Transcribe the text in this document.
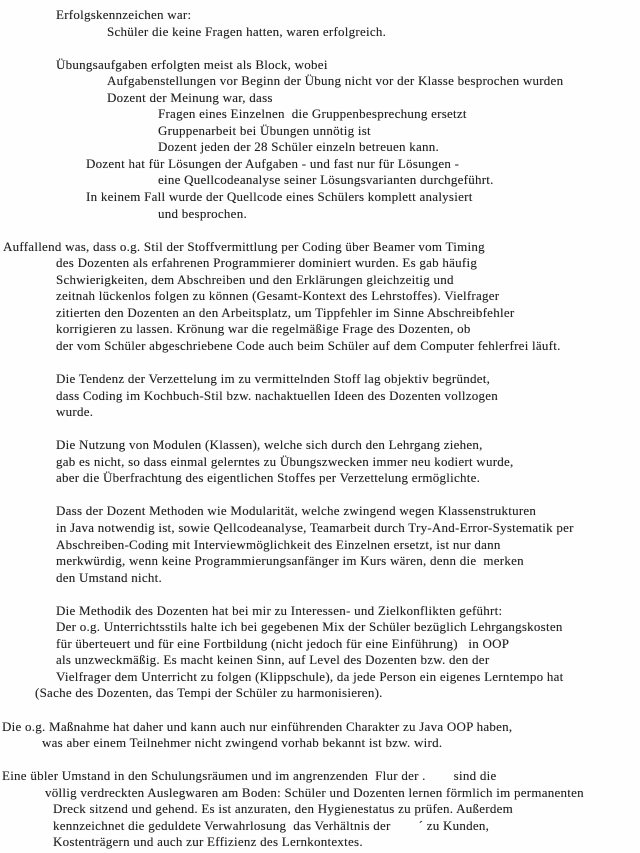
Erfolgskennzeichen war:
Schüler die keine Fragen hatten, waren erfolgreich.
Übungsaufgaben erfolgten meist als Block, wobei
Aufgabenstellungen vor Beginn der Übung nicht vor der Klasse besprochen wurden
Dozent der Meinung war, dass
Fragen eines Einzelnen  die Gruppenbesprechung ersetzt
Gruppenarbeit bei Übungen unnötig ist
Dozent jeden der 28 Schüler einzeln betreuen kann.
Dozent hat für Lösungen der Aufgaben - und fast nur für Lösungen -
eine Quellcodeanalyse seiner Lösungsvarianten durchgeführt.
In keinem Fall wurde der Quellcode eines Schülers komplett analysiert
und besprochen.
Auffallend was, dass o.g. Stil der Stoffvermittlung per Coding über Beamer vom Timing
des Dozenten als erfahrenen Programmierer dominiert wurden. Es gab häufig
Schwierigkeiten, dem Abschreiben und den Erklärungen gleichzeitig und
zeitnah lückenlos folgen zu können (Gesamt-Kontext des Lehrstoffes). Vielfrager
zitierten den Dozenten an den Arbeitsplatz, um Tippfehler im Sinne Abschreibfehler
korrigieren zu lassen. Krönung war die regelmäßige Frage des Dozenten, ob
der vom Schüler abgeschriebene Code auch beim Schüler auf dem Computer fehlerfrei läuft.
Die Tendenz der Verzettelung im zu vermittelnden Stoff lag objektiv begründet,
dass Coding im Kochbuch-Stil bzw. nachaktuellen Ideen des Dozenten vollzogen
wurde.
Die Nutzung von Modulen (Klassen), welche sich durch den Lehrgang ziehen,
gab es nicht, so dass einmal gelerntes zu Übungszwecken immer neu kodiert wurde,
aber die Überfrachtung des eigentlichen Stoffes per Verzettelung ermöglichte.
Dass der Dozent Methoden wie Modularität, welche zwingend wegen Klassenstrukturen
in Java notwendig ist, sowie Qellcodeanalyse, Teamarbeit durch Try-And-Error-Systematik per
Abschreiben-Coding mit Interviewmöglichkeit des Einzelnen ersetzt, ist nur dann
merkwürdig, wenn keine Programmierungsanfänger im Kurs wären, denn die  merken
den Umstand nicht.
Die Methodik des Dozenten hat bei mir zu Interessen- und Zielkonflikten geführt:
Der o.g. Unterrichtsstils halte ich bei gegebenen Mix der Schüler bezüglich Lehrgangskosten
für überteuert und für eine Fortbildung (nicht jedoch für eine Einführung)   in OOP
als unzweckmäßig. Es macht keinen Sinn, auf Level des Dozenten bzw. den der
Vielfrager dem Unterricht zu folgen (Klippschule), da jede Person ein eigenes Lerntempo hat
(Sache des Dozenten, das Tempi der Schüler zu harmonisieren).
Die o.g. Maßnahme hat daher und kann auch nur einführenden Charakter zu Java OOP haben,
was aber einem Teilnehmer nicht zwingend vorhab bekannt ist bzw. wird.
Eine übler Umstand in den Schulungsräumen und im angrenzenden  Flur der .        sind die
völlig verdreckten Auslegwaren am Boden: Schüler und Dozenten lernen förmlich im permanenten
Dreck sitzend und gehend. Es ist anzuraten, den Hygienestatus zu prüfen. Außerdem
kennzeichnet die geduldete Verwahrlosung  das Verhältnis der        ´ zu Kunden,
Kostenträgern und auch zur Effizienz des Lernkontextes.
